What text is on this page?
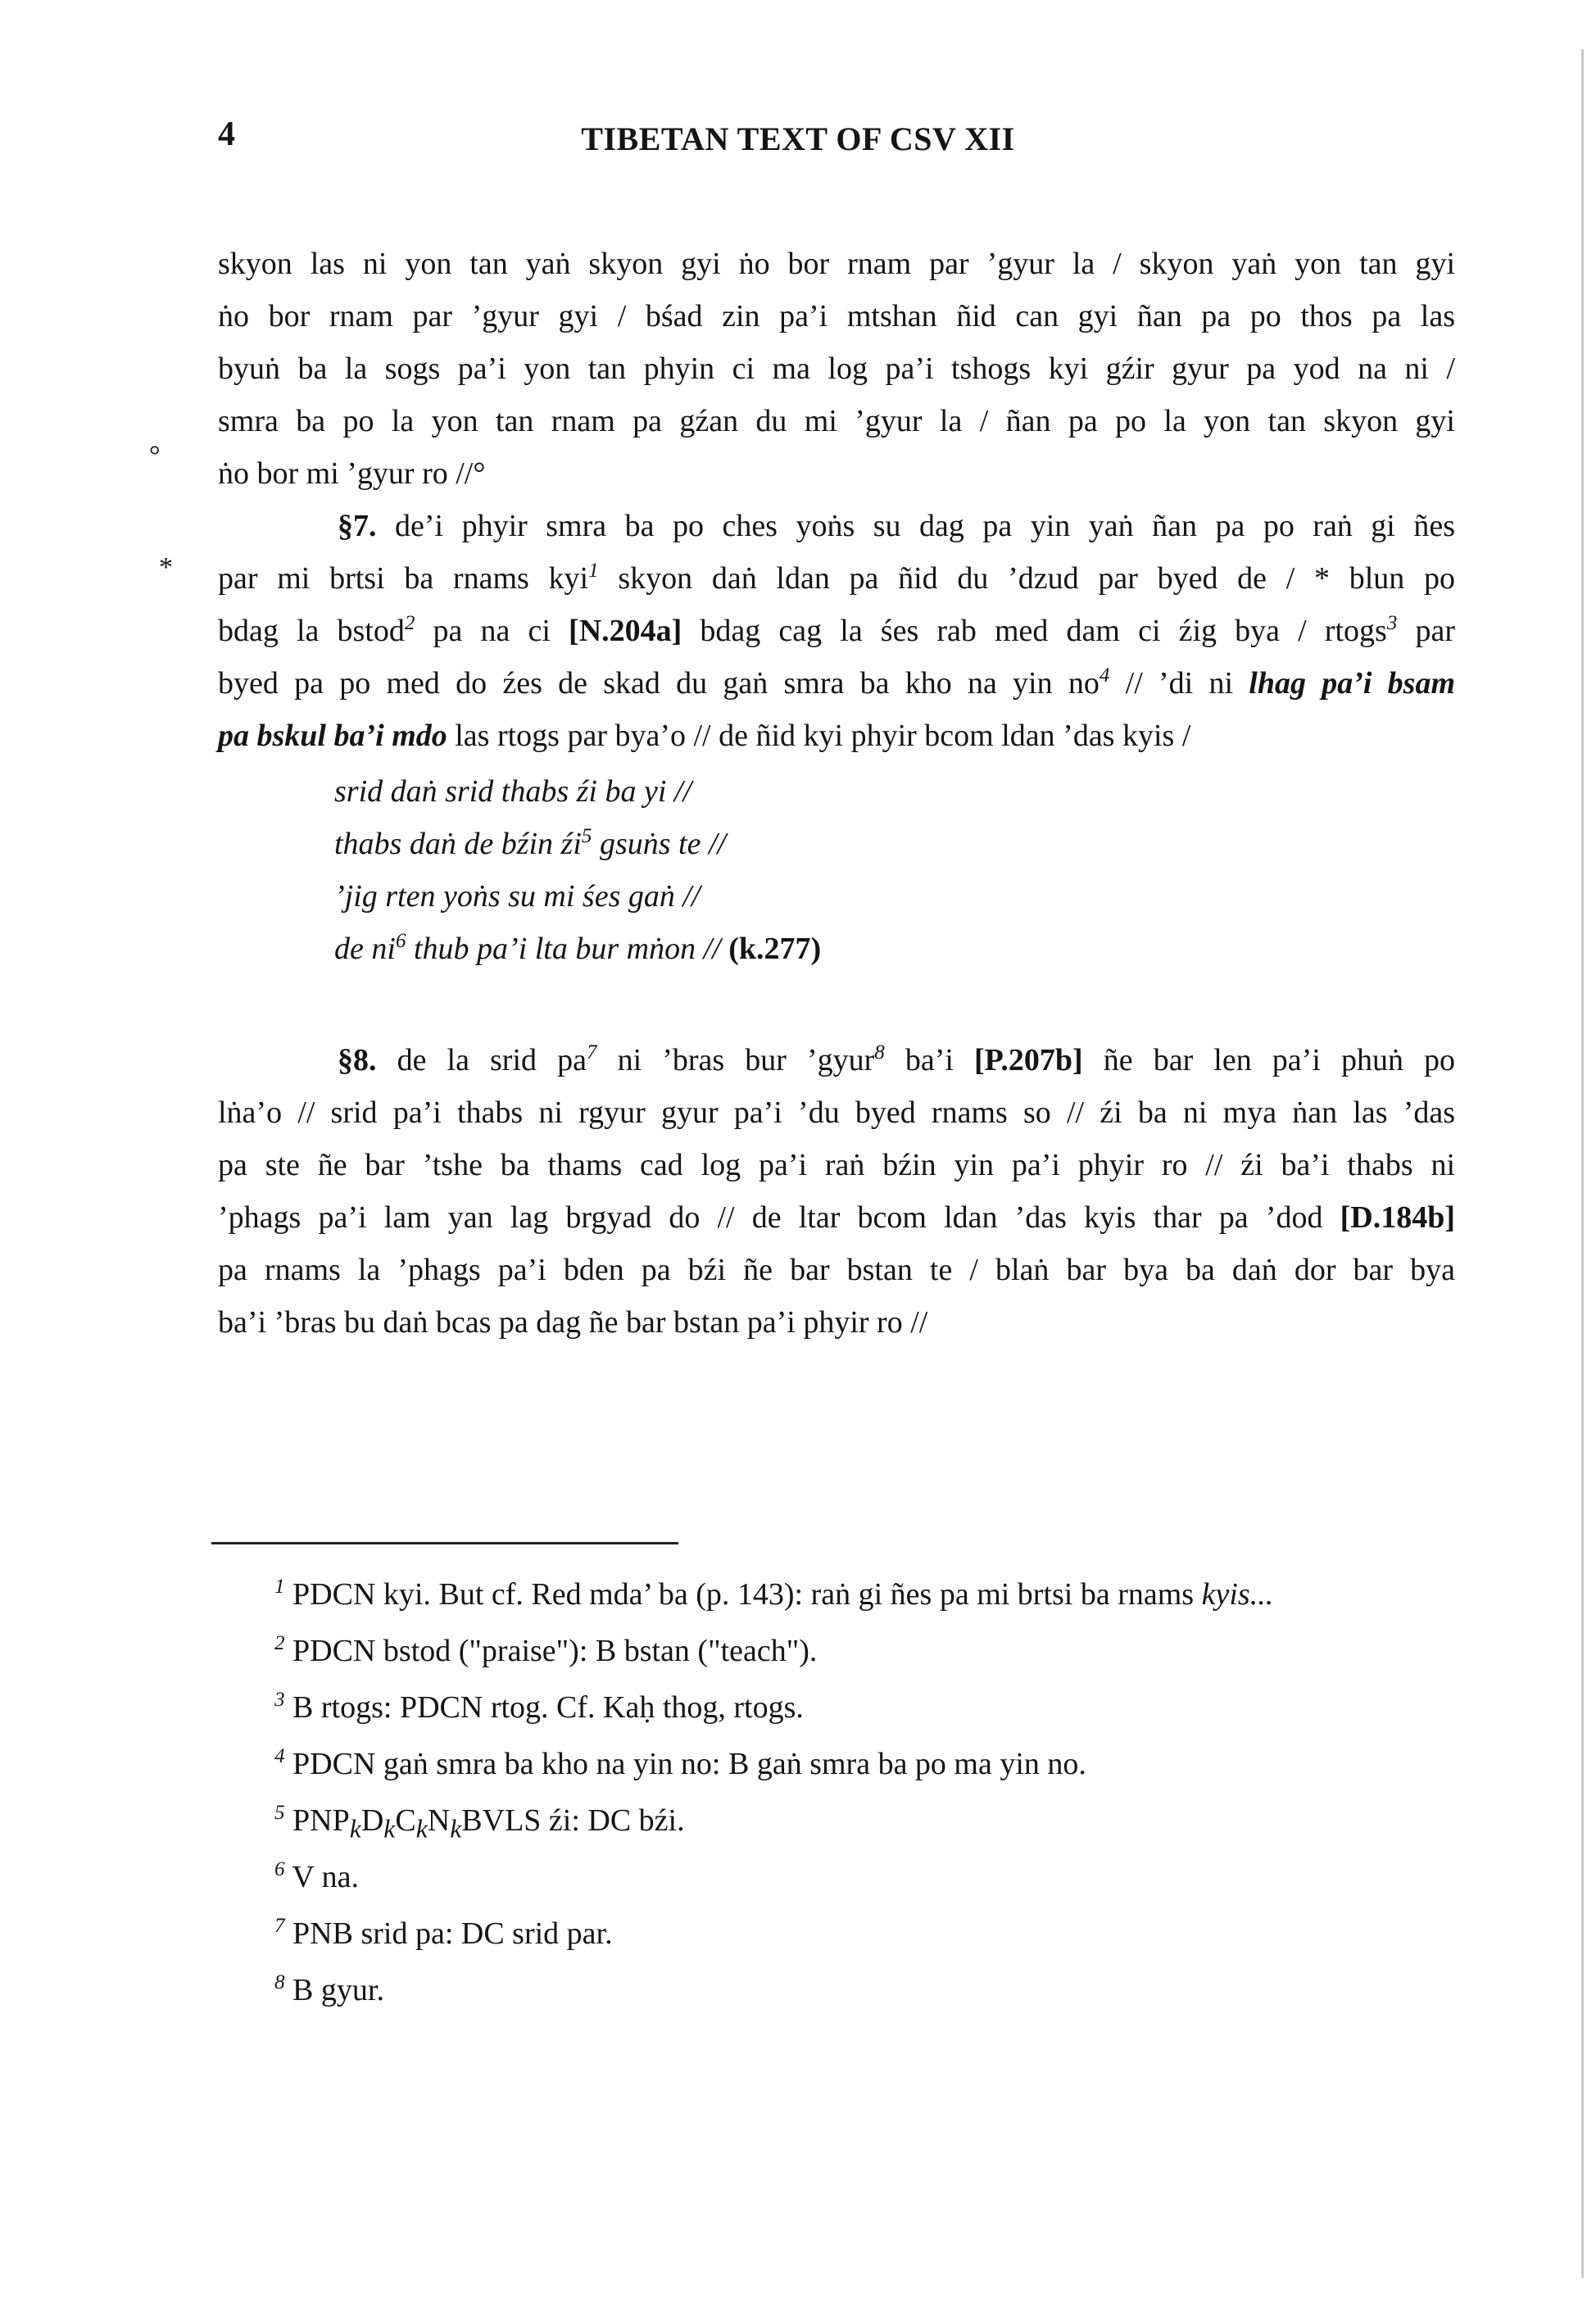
4	TIBETAN TEXT OF CSV XII
skyon las ni yon tan yaṅ skyon gyi ṅo bor rnam par ’gyur la / skyon yaṅ yon tan gyi
ṅo bor rnam par ’gyur gyi / bśad zin pa’i mtshan ñid can gyi ñan pa po thos pa las
byuṅ ba la sogs pa’i yon tan phyin ci ma log pa’i tshogs kyi gźir gyur pa yod na ni /
smra ba po la yon tan rnam pa gźan du mi ’gyur la / ñan pa po la yon tan skyon gyi
ṅo bor mi ’gyur ro //°
°
*
§7. de’i phyir smra ba po ches yoṅs su dag pa yin yaṅ ñan pa po raṅ gi ñes
par mi brtsi ba rnams kyi$^1$ skyon daṅ ldan pa ñid du ’dzud par byed de / * blun po
bdag la bstod$^2$ pa na ci [N.204a] bdag cag la śes rab med dam ci źig bya / rtogs$^3$ par
byed pa po med do źes de skad du gaṅ smra ba kho na yin $no^4$ // ’di ni lhag pa’i bsam
pa bskul ba’i mdo las rtogs par bya’o // de ñid kyi phyir bcom ldan ’das kyis /
srid daṅ srid thabs źi ba yi //
thabs daṅ de bźin $źi^5$ gsuṅs te //
’jig rten yoṅs su mi śes gaṅ //
de $ni^6$ thub pa’i lta bur mṅon // (k.277)
§8. de la srid $pa^7$ ni ’bras bur ’gyur$^8$ ba’i [P.207b] ñe bar len pa’i phuṅ po
lṅa’o // srid pa’i thabs ni rgyur gyur pa’i ’du byed rnams so // źi ba ni mya ṅan las ’das
pa ste ñe bar ’tshe ba thams cad log pa’i raṅ bźin yin pa’i phyir ro // źi ba’i thabs ni
’phags pa’i lam yan lag brgyad do // de ltar bcom ldan ’das kyis thar pa ’dod [D.184b]
pa rnams la ’phags pa’i bden pa bźi ñe bar bstan te / blaṅ bar bya ba daṅ dor bar bya
ba’i ’bras bu daṅ bcas pa dag ñe bar bstan pa’i phyir ro //
$^1$ PDCN kyi. But cf. Red mda’ ba (p. 143): raṅ gi ñes pa mi brtsi ba rnams kyis...
$^2$ PDCN bstod ("praise"): B bstan ("teach").
$^3$ B rtogs: PDCN rtog. Cf. Kaḥ thog, rtogs.
$^4$ PDCN gaṅ smra ba kho na yin no: B gaṅ smra ba po ma yin no.
$^5$ $PNP_kD_kC_kN_kBVLS$ źi: DC bźi.
$^6$ V na.
$^7$ PNB srid pa: DC srid par.
$^8$ B gyur.
